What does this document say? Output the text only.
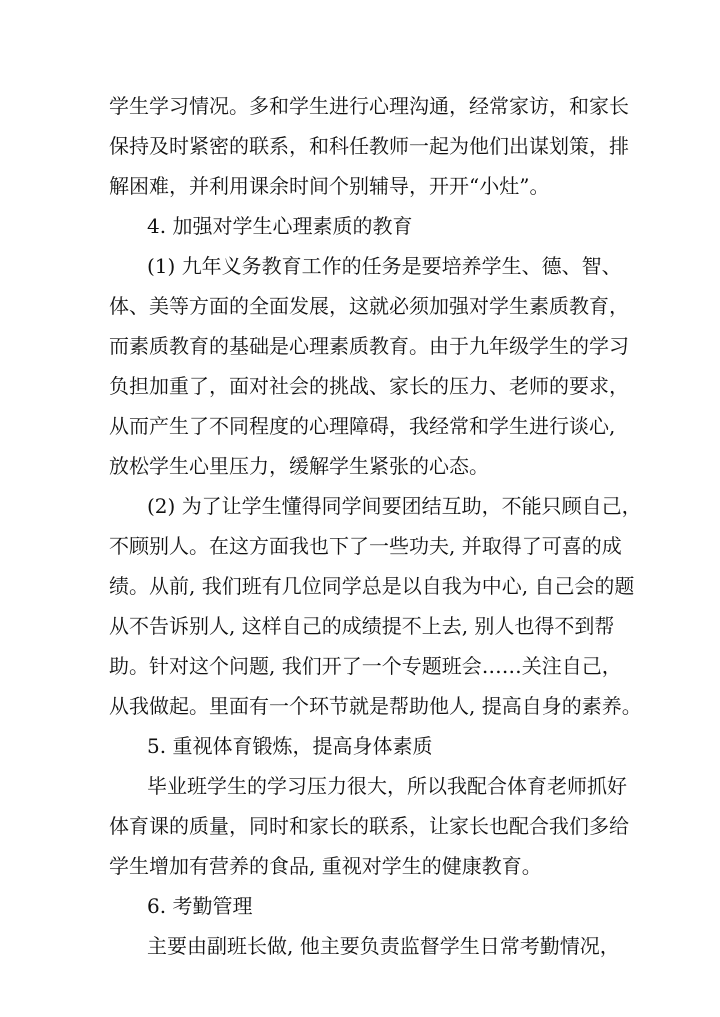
学生学习情况。多和学生进行心理沟通，经常家访，和家长
保持及时紧密的联系，和科任教师一起为他们出谋划策，排
解困难，并利用课余时间个别辅导，开开“小灶”。
4. 加强对学生心理素质的教育
(1) 九年义务教育工作的任务是要培养学生、德、智、
体、美等方面的全面发展，这就必须加强对学生素质教育，
而素质教育的基础是心理素质教育。由于九年级学生的学习
负担加重了，面对社会的挑战、家长的压力、老师的要求，
从而产生了不同程度的心理障碍，我经常和学生进行谈心,
放松学生心里压力，缓解学生紧张的心态。
(2) 为了让学生懂得同学间要团结互助，不能只顾自己，
不顾别人。在这方面我也下了一些功夫, 并取得了可喜的成
绩。从前, 我们班有几位同学总是以自我为中心, 自己会的题
从不告诉别人, 这样自己的成绩提不上去, 别人也得不到帮
助。针对这个问题, 我们开了一个专题班会……关注自己，
从我做起。里面有一个环节就是帮助他人, 提高自身的素养。
5. 重视体育锻炼，提高身体素质
毕业班学生的学习压力很大，所以我配合体育老师抓好
体育课的质量，同时和家长的联系，让家长也配合我们多给
学生增加有营养的食品, 重视对学生的健康教育。
6. 考勤管理
主要由副班长做, 他主要负责监督学生日常考勤情况，
